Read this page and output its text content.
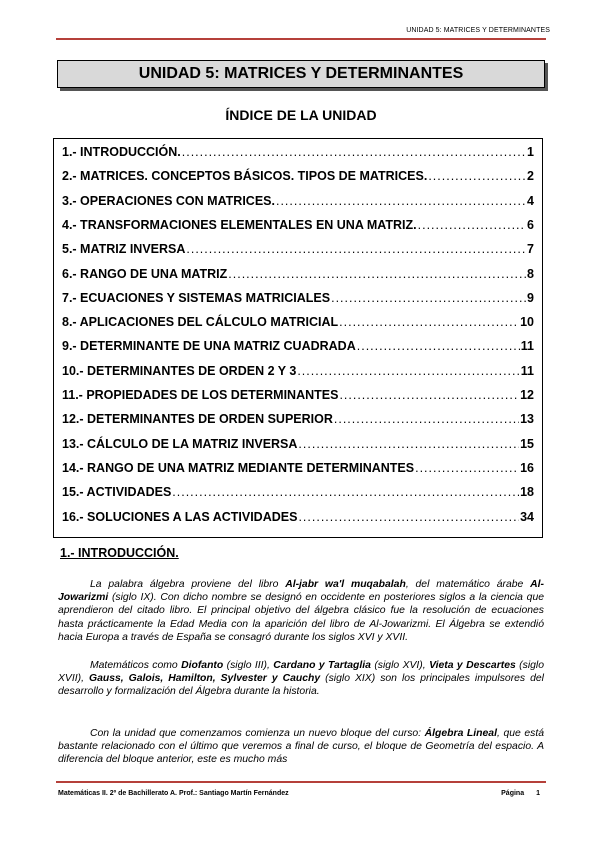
UNIDAD 5: MATRICES Y DETERMINANTES
UNIDAD 5: MATRICES Y DETERMINANTES
ÍNDICE DE LA UNIDAD
1.- INTRODUCCIÓN. .....	1
2.- MATRICES. CONCEPTOS BÁSICOS. TIPOS DE MATRICES. .....	2
3.- OPERACIONES CON MATRICES. .....	4
4.- TRANSFORMACIONES ELEMENTALES EN UNA MATRIZ. .....	6
5.- MATRIZ INVERSA .....	7
6.- RANGO DE UNA MATRIZ .....	8
7.- ECUACIONES Y SISTEMAS MATRICIALES .....	9
8.- APLICACIONES DEL CÁLCULO MATRICIAL .....	10
9.- DETERMINANTE DE UNA MATRIZ CUADRADA .....	11
10.- DETERMINANTES DE ORDEN 2 Y 3 .....	11
11.- PROPIEDADES DE LOS DETERMINANTES .....	12
12.- DETERMINANTES DE ORDEN SUPERIOR .....	13
13.- CÁLCULO DE LA MATRIZ INVERSA .....	15
14.- RANGO DE UNA MATRIZ MEDIANTE DETERMINANTES .....	16
15.- ACTIVIDADES .....	18
16.- SOLUCIONES A LAS ACTIVIDADES .....	34
1.- INTRODUCCIÓN.
La palabra álgebra proviene del libro Al-jabr wa'l muqabalah, del matemático árabe Al-Jowarizmi (siglo IX). Con dicho nombre se designó en occidente en posteriores siglos a la ciencia que aprendieron del citado libro. El principal objetivo del álgebra clásico fue la resolución de ecuaciones hasta prácticamente la Edad Media con la aparición del libro de Al-Jowarizmi. El Álgebra se extendió hacia Europa a través de España se consagró durante los siglos XVI y XVII.
Matemáticos como Diofanto (siglo III), Cardano y Tartaglia (siglo XVI), Vieta y Descartes (siglo XVII), Gauss, Galois, Hamilton, Sylvester y Cauchy (siglo XIX) son los principales impulsores del desarrollo y formalización del Álgebra durante la historia.
Con la unidad que comenzamos comienza un nuevo bloque del curso: Álgebra Lineal, que está bastante relacionado con el último que veremos a final de curso, el bloque de Geometría del espacio. A diferencia del bloque anterior, este es mucho más
Matemáticas II. 2º de Bachillerato A. Prof.: Santiago Martín Fernández	Página 1
